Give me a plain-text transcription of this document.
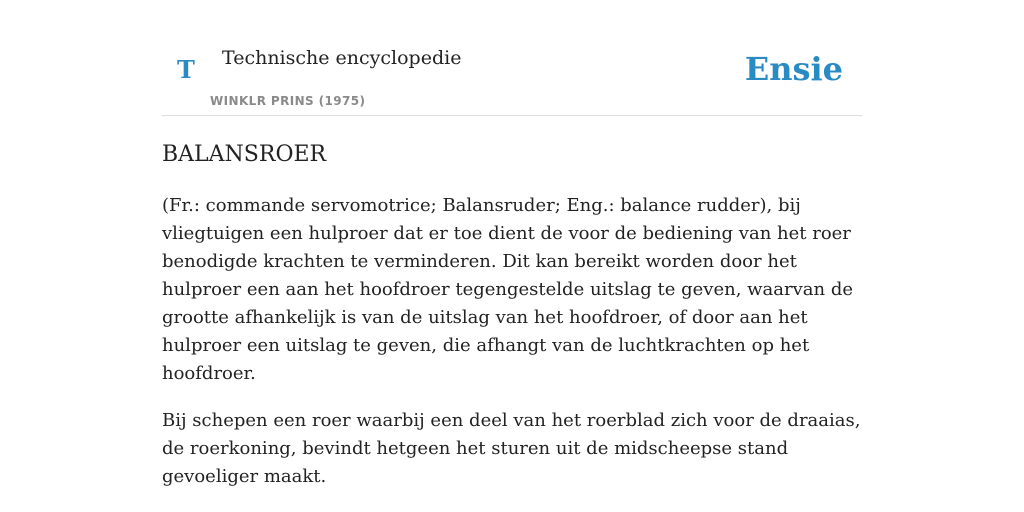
T Technische encyclopedie
WINKLR PRINS (1975)
Ensie
BALANSROER

(Fr.: commande servomotrice; Balansruder; Eng.: balance rudder), bij vliegtuigen een hulproer dat er toe dient de voor de bediening van het roer benodigde krachten te verminderen. Dit kan bereikt worden door het hulproer een aan het hoofdroer tegengestelde uitslag te geven, waarvan de grootte afhankelijk is van de uitslag van het hoofdroer, of door aan het hulproer een uitslag te geven, die afhangt van de luchtkrachten op het hoofdroer.

Bij schepen een roer waarbij een deel van het roerblad zich voor de draaias, de roerkoning, bevindt hetgeen het sturen uit de midscheepse stand gevoeliger maakt.
